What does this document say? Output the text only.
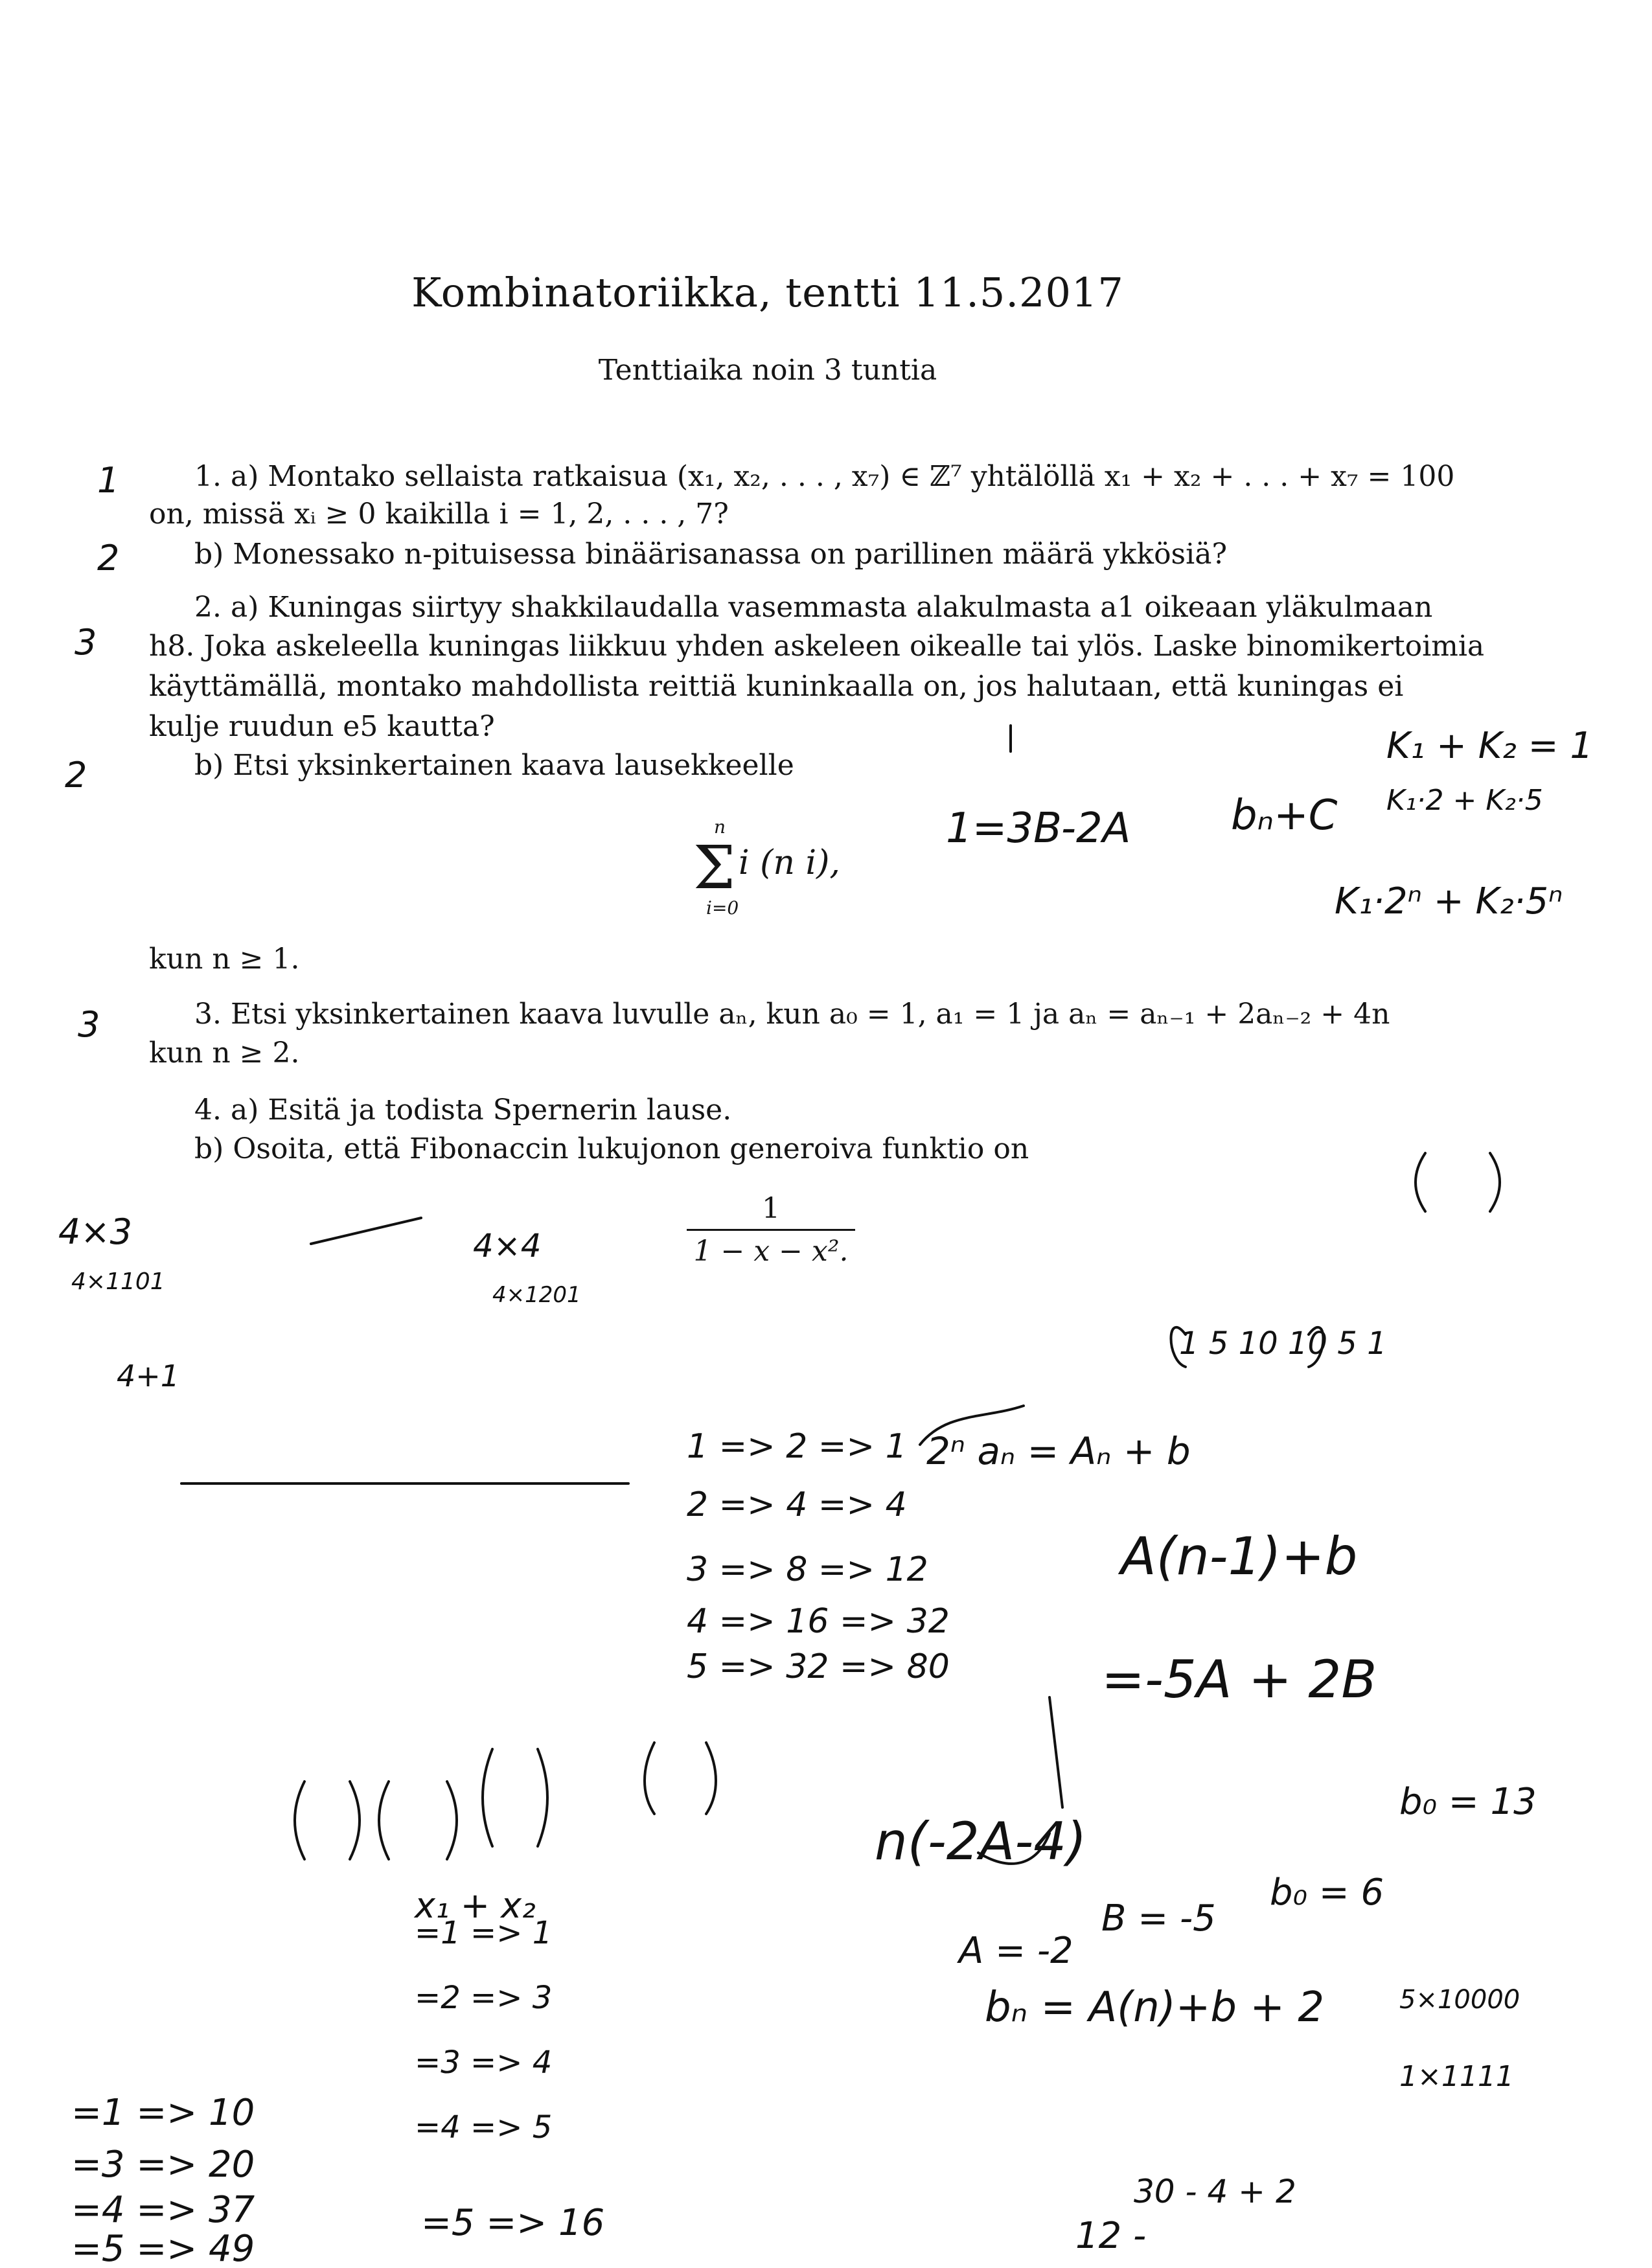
Kombinatoriikka, tentti 11.5.2017
Tenttiaika noin 3 tuntia
1. a) Montako sellaista ratkaisua (x₁, x₂, . . . , x₇) ∈ ℤ⁷ yhtälöllä x₁ + x₂ + . . . + x₇ = 100
on, missä xᵢ ≥ 0 kaikilla i = 1, 2, . . . , 7?
b) Monessako n-pituisessa binäärisanassa on parillinen määrä ykkösiä?
2. a) Kuningas siirtyy shakkilaudalla vasemmasta alakulmasta a1 oikeaan yläkulmaan
h8. Joka askeleella kuningas liikkuu yhden askeleen oikealle tai ylös. Laske binomikertoimia
käyttämällä, montako mahdollista reittiä kuninkaalla on, jos halutaan, että kuningas ei
kulje ruudun e5 kautta?
b) Etsi yksinkertainen kaava lausekkeelle
n
Σ
i=0
i (n i),
kun n ≥ 1.
3. Etsi yksinkertainen kaava luvulle aₙ, kun a₀ = 1, a₁ = 1 ja aₙ = aₙ₋₁ + 2aₙ₋₂ + 4n
kun n ≥ 2.
4. a) Esitä ja todista Spernerin lause.
b) Osoita, että Fibonaccin lukujonon generoiva funktio on
1
1 − x − x².
1
2
3
2
3
1=3B-2A bₙ+C
K₁ + K₂ = 1
K₁·2 + K₂·5
K₁·2ⁿ + K₂·5ⁿ
2ⁿ aₙ = Aₙ + b
A(n-1)+b
=-5A + 2B
n(-2A-4)
bₙ = A(n)+b + 2
b₀ = 13
1 => 2 => 1
2 => 4 => 4
3 => 8 => 12
4 => 16 => 32
5 => 32 => 80
=1 => 10
=3 => 20
=4 => 37
=5 => 49
=5 => 16
=1 => 1
=2 => 3
=3 => 4
=4 => 5
x₁ + x₂
4×3
4×1101
4×4
4×1201
4+1
1 5 10 10 5 1
A = -2
B = -5
b₀ = 6
5×10000
1×1111
12 -
30 - 4 + 2
